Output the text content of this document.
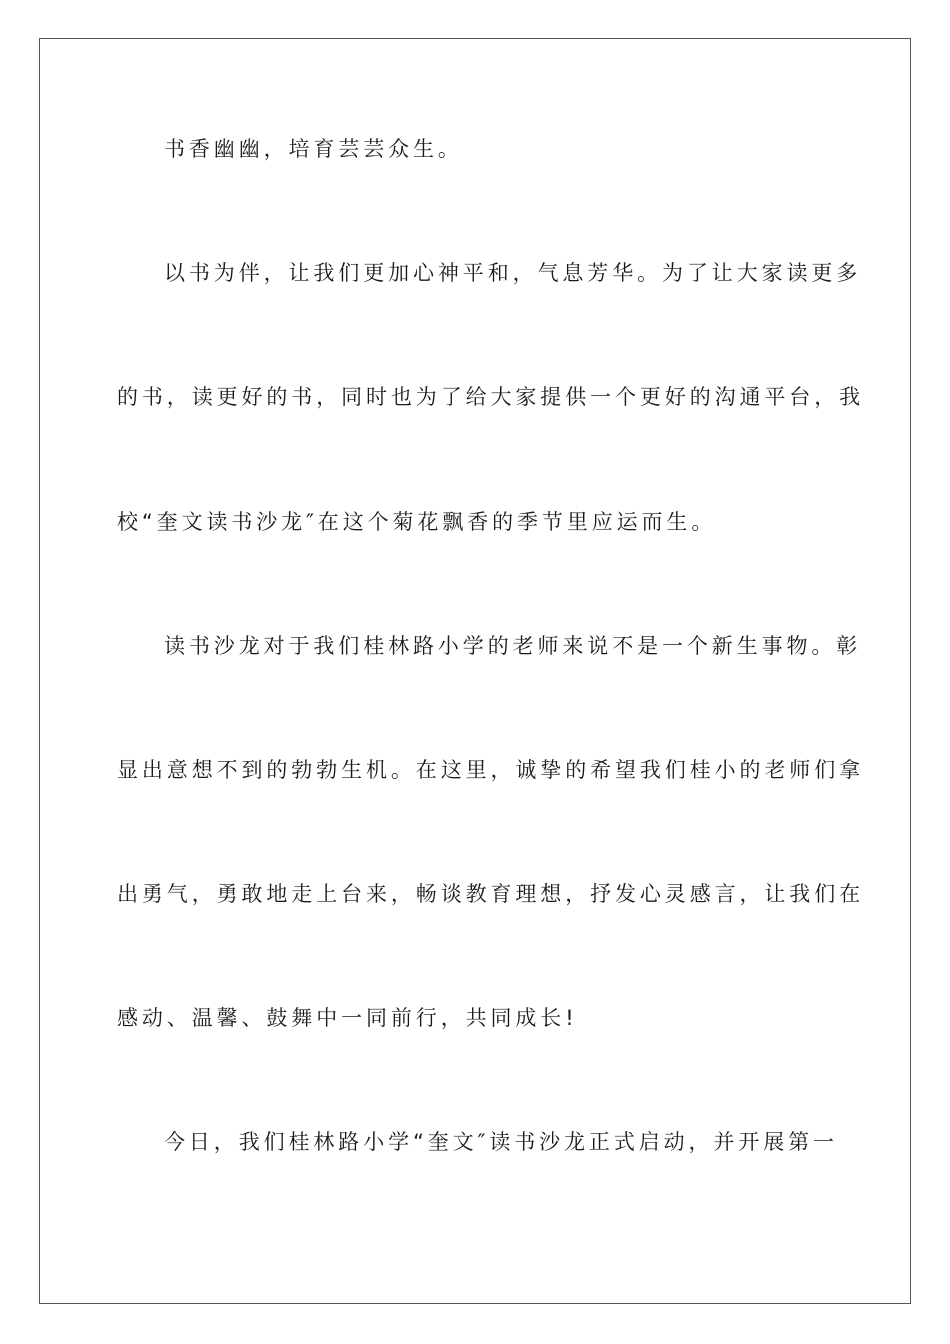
书香幽幽，培育芸芸众生。
以书为伴，让我们更加心神平和，气息芳华。为了让大家读更多
的书，读更好的书，同时也为了给大家提供一个更好的沟通平台，我
校“奎文读书沙龙″在这个菊花飘香的季节里应运而生。
读书沙龙对于我们桂林路小学的老师来说不是一个新生事物。彰
显出意想不到的勃勃生机。在这里，诚挚的希望我们桂小的老师们拿
出勇气，勇敢地走上台来，畅谈教育理想，抒发心灵感言，让我们在
感动、温馨、鼓舞中一同前行，共同成长!
今日，我们桂林路小学“奎文″读书沙龙正式启动，并开展第一
